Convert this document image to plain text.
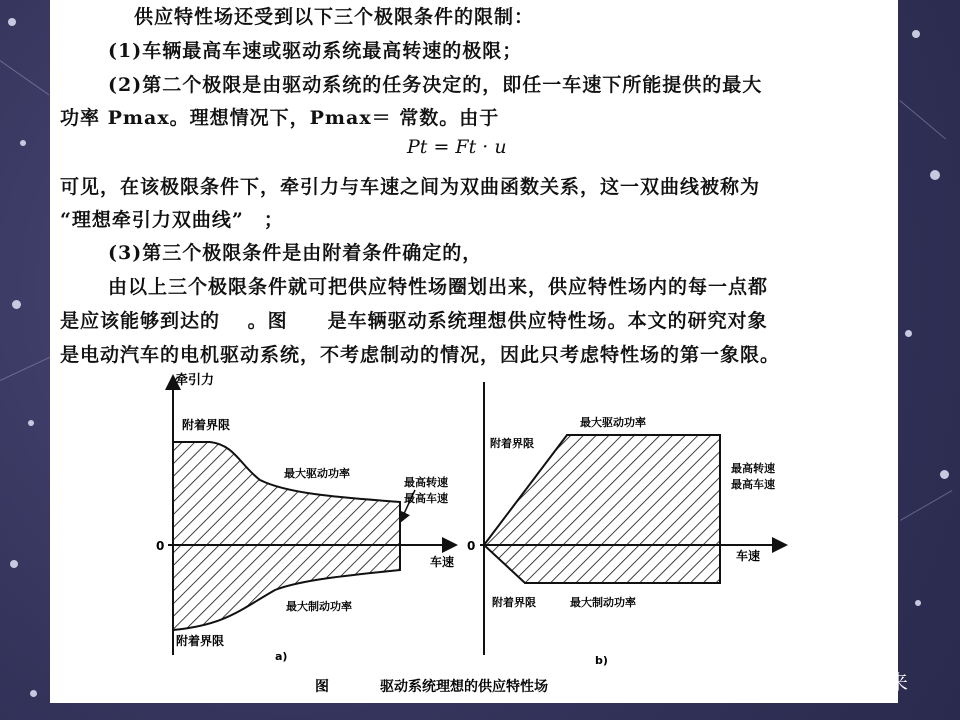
供应特性场还受到以下三个极限条件的限制：
(1)车辆最高车速或驱动系统最高转速的极限；
(2)第二个极限是由驱动系统的任务决定的，即任一车速下所能提供的最大
功率 Pmax。理想情况下，Pmax＝ 常数。由于
Pt = Ft · u
可见，在该极限条件下，牵引力与车速之间为双曲函数关系，这一双曲线被称为
“理想牵引力双曲线”　；
(3)第三个极限条件是由附着条件确定的，
由以上三个极限条件就可把供应特性场圈划出来，供应特性场内的每一点都
是应该能够到达的　 。图　　是车辆驱动系统理想供应特性场。本文的研究对象
是电动汽车的电机驱动系统，不考虑制动的情况，因此只考虑特性场的第一象限。
牵引力
0
车速
附着界限
最大驱动功率
最高转速
最高车速
最大制动功率
附着界限
a)
最大驱动功率
附着界限
最高转速
最高车速
0
车速
附着界限	最大制动功率
b)
图	驱动系统理想的供应特性场	EDC电驱未来
